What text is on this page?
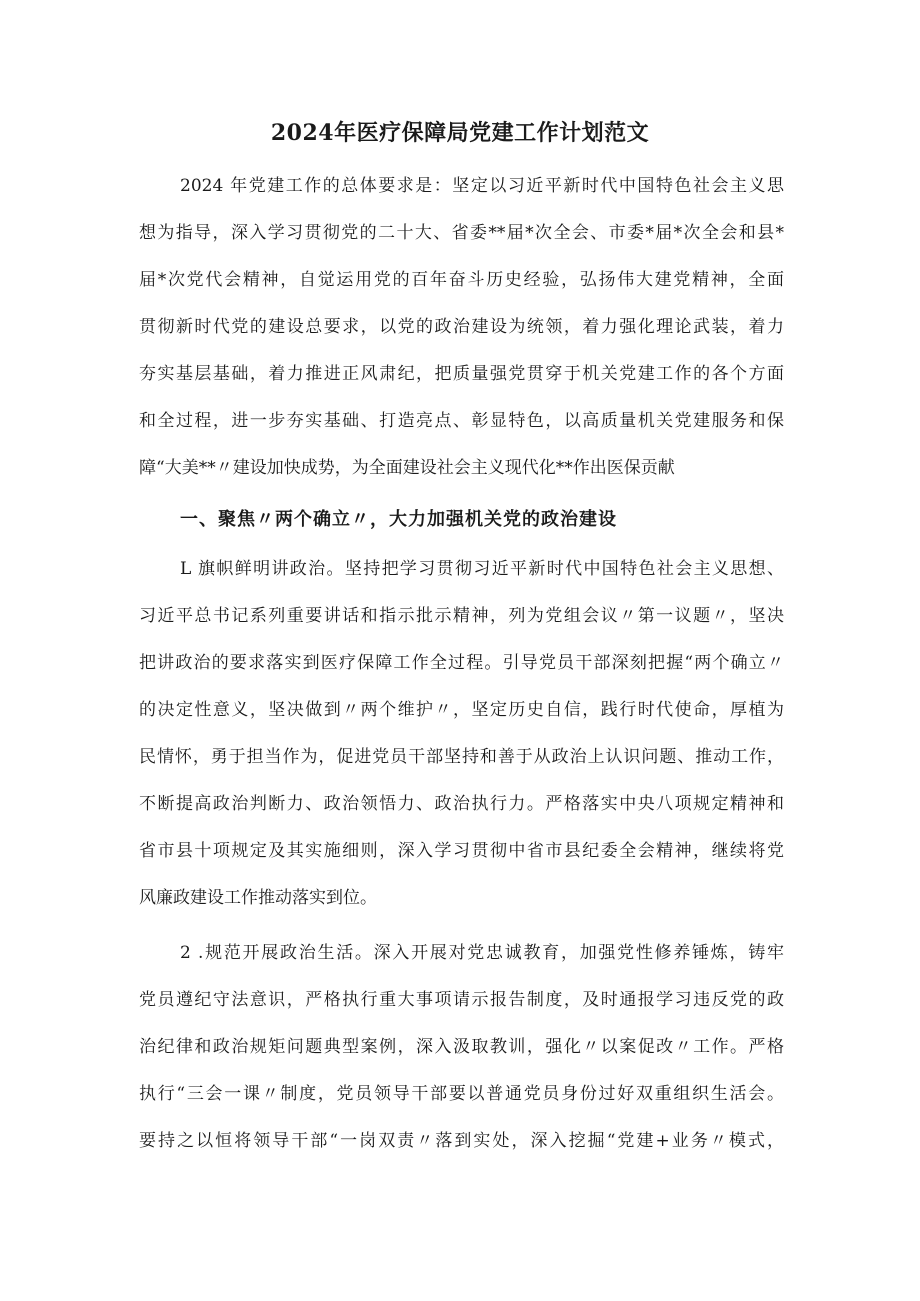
2024年医疗保障局党建工作计划范文
2024 年党建工作的总体要求是：坚定以习近平新时代中国特色社会主义思
想为指导，深入学习贯彻党的二十大、省委**届*次全会、市委*届*次全会和县*
届*次党代会精神，自觉运用党的百年奋斗历史经验，弘扬伟大建党精神，全面
贯彻新时代党的建设总要求，以党的政治建设为统领，着力强化理论武装，着力
夯实基层基础，着力推进正风肃纪，把质量强党贯穿于机关党建工作的各个方面
和全过程，进一步夯实基础、打造亮点、彰显特色，以高质量机关党建服务和保
障“大美**〃建设加快成势，为全面建设社会主义现代化**作出医保贡献
一、聚焦〃两个确立〃，大力加强机关党的政治建设
L 旗帜鲜明讲政治。坚持把学习贯彻习近平新时代中国特色社会主义思想、
习近平总书记系列重要讲话和指示批示精神，列为党组会议〃第一议题〃，坚决
把讲政治的要求落实到医疗保障工作全过程。引导党员干部深刻把握“两个确立〃
的决定性意义，坚决做到〃两个维护〃，坚定历史自信，践行时代使命，厚植为
民情怀，勇于担当作为，促进党员干部坚持和善于从政治上认识问题、推动工作，
不断提高政治判断力、政治领悟力、政治执行力。严格落实中央八项规定精神和
省市县十项规定及其实施细则，深入学习贯彻中省市县纪委全会精神，继续将党
风廉政建设工作推动落实到位。
2 .规范开展政治生活。深入开展对党忠诚教育，加强党性修养锤炼，铸牢
党员遵纪守法意识，严格执行重大事项请示报告制度，及时通报学习违反党的政
治纪律和政治规矩问题典型案例，深入汲取教训，强化〃以案促改〃工作。严格
执行“三会一课〃制度，党员领导干部要以普通党员身份过好双重组织生活会。
要持之以恒将领导干部“一岗双责〃落到实处，深入挖掘“党建+业务〃模式，
